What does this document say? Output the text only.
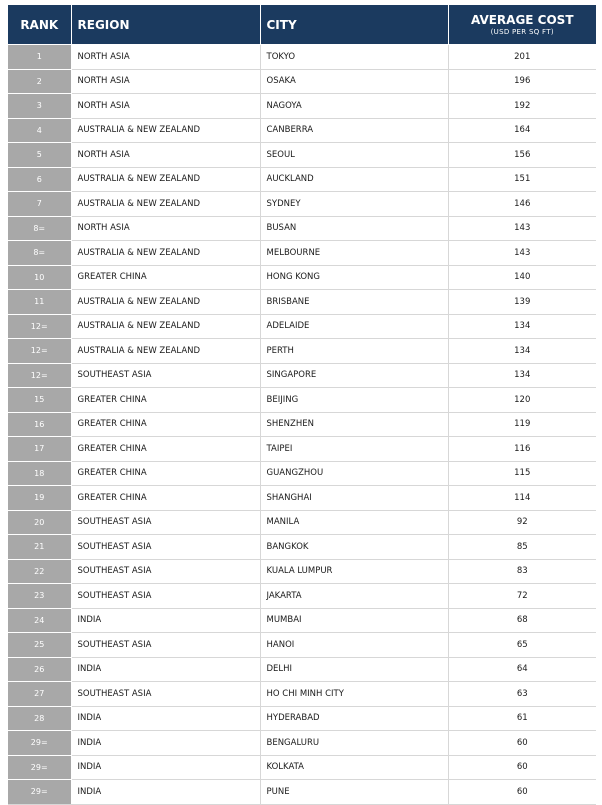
RANK	REGION	CITY	AVERAGE COST
(USD PER SQ FT)

1	NORTH ASIA	TOKYO	201
2	NORTH ASIA	OSAKA	196
3	NORTH ASIA	NAGOYA	192
4	AUSTRALIA & NEW ZEALAND	CANBERRA	164
5	NORTH ASIA	SEOUL	156
6	AUSTRALIA & NEW ZEALAND	AUCKLAND	151
7	AUSTRALIA & NEW ZEALAND	SYDNEY	146
8=	NORTH ASIA	BUSAN	143
8=	AUSTRALIA & NEW ZEALAND	MELBOURNE	143
10	GREATER CHINA	HONG KONG	140
11	AUSTRALIA & NEW ZEALAND	BRISBANE	139
12=	AUSTRALIA & NEW ZEALAND	ADELAIDE	134
12=	AUSTRALIA & NEW ZEALAND	PERTH	134
12=	SOUTHEAST ASIA	SINGAPORE	134
15	GREATER CHINA	BEIJING	120
16	GREATER CHINA	SHENZHEN	119
17	GREATER CHINA	TAIPEI	116
18	GREATER CHINA	GUANGZHOU	115
19	GREATER CHINA	SHANGHAI	114
20	SOUTHEAST ASIA	MANILA	92
21	SOUTHEAST ASIA	BANGKOK	85
22	SOUTHEAST ASIA	KUALA LUMPUR	83
23	SOUTHEAST ASIA	JAKARTA	72
24	INDIA	MUMBAI	68
25	SOUTHEAST ASIA	HANOI	65
26	INDIA	DELHI	64
27	SOUTHEAST ASIA	HO CHI MINH CITY	63
28	INDIA	HYDERABAD	61
29=	INDIA	BENGALURU	60
29=	INDIA	KOLKATA	60
29=	INDIA	PUNE	60
